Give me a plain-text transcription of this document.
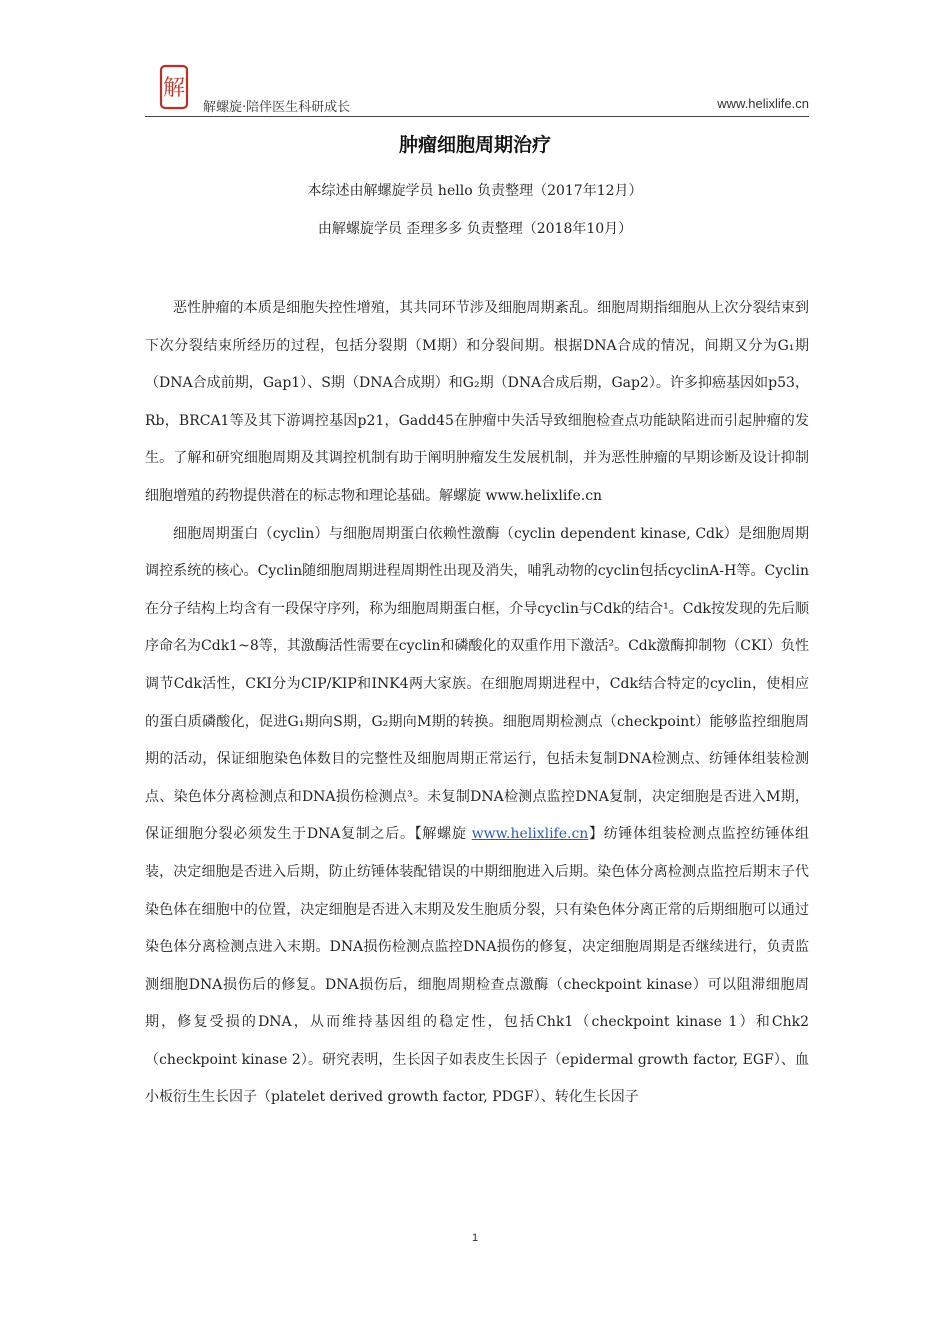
解
解螺旋·陪伴医生科研成长	www.helixlife.cn
肿瘤细胞周期治疗
本综述由解螺旋学员 hello 负责整理（2017年12月）
由解螺旋学员 歪理多多 负责整理（2018年10月）

恶性肿瘤的本质是细胞失控性增殖，其共同环节涉及细胞周期紊乱。细胞周期指细胞从上次分裂结束到下次分裂结束所经历的过程，包括分裂期（M期）和分裂间期。根据DNA合成的情况，间期又分为G₁期（DNA合成前期，Gap1）、S期（DNA合成期）和G₂期（DNA合成后期，Gap2）。许多抑癌基因如p53，Rb，BRCA1等及其下游调控基因p21，Gadd45在肿瘤中失活导致细胞检查点功能缺陷进而引起肿瘤的发生。了解和研究细胞周期及其调控机制有助于阐明肿瘤发生发展机制，并为恶性肿瘤的早期诊断及设计抑制细胞增殖的药物提供潜在的标志物和理论基础。解螺旋 www.helixlife.cn

细胞周期蛋白（cyclin）与细胞周期蛋白依赖性激酶（cyclin dependent kinase, Cdk）是细胞周期调控系统的核心。Cyclin随细胞周期进程周期性出现及消失，哺乳动物的cyclin包括cyclinA-H等。Cyclin在分子结构上均含有一段保守序列，称为细胞周期蛋白框，介导cyclin与Cdk的结合¹。Cdk按发现的先后顺序命名为Cdk1~8等，其激酶活性需要在cyclin和磷酸化的双重作用下激活²。Cdk激酶抑制物（CKI）负性调节Cdk活性，CKI分为CIP/KIP和INK4两大家族。在细胞周期进程中，Cdk结合特定的cyclin，使相应的蛋白质磷酸化，促进G₁期向S期，G₂期向M期的转换。细胞周期检测点（checkpoint）能够监控细胞周期的活动，保证细胞染色体数目的完整性及细胞周期正常运行，包括未复制DNA检测点、纺锤体组装检测点、染色体分离检测点和DNA损伤检测点³。未复制DNA检测点监控DNA复制，决定细胞是否进入M期，保证细胞分裂必须发生于DNA复制之后。【解螺旋 www.helixlife.cn】纺锤体组装检测点监控纺锤体组装，决定细胞是否进入后期，防止纺锤体装配错误的中期细胞进入后期。染色体分离检测点监控后期末子代染色体在细胞中的位置，决定细胞是否进入末期及发生胞质分裂，只有染色体分离正常的后期细胞可以通过染色体分离检测点进入末期。DNA损伤检测点监控DNA损伤的修复，决定细胞周期是否继续进行，负责监测细胞DNA损伤后的修复。DNA损伤后，细胞周期检查点激酶（checkpoint kinase）可以阻滞细胞周期，修复受损的DNA，从而维持基因组的稳定性，包括Chk1（checkpoint kinase 1）和Chk2（checkpoint kinase 2）。研究表明，生长因子如表皮生长因子（epidermal growth factor, EGF）、血小板衍生生长因子（platelet derived growth factor, PDGF）、转化生长因子

1
